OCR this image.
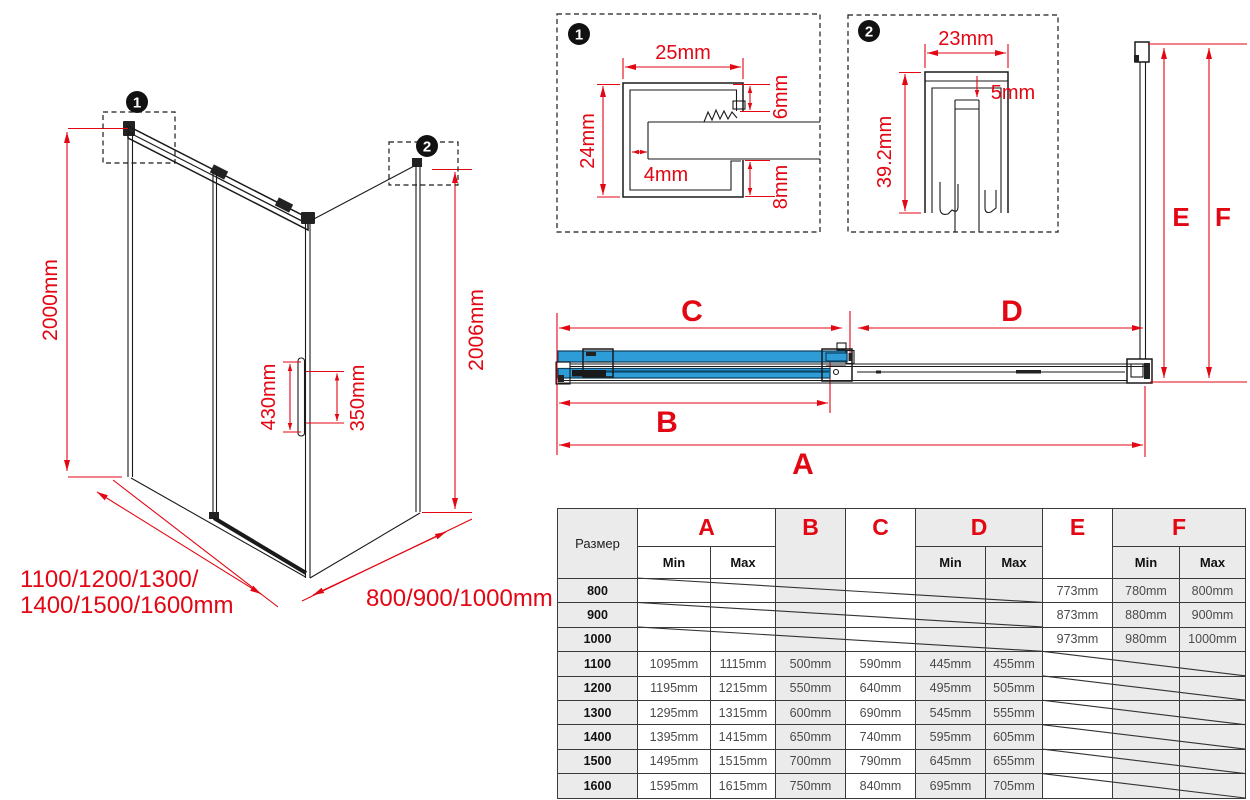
2000mm	2006mm
430mm	350mm
1100/1200/1300/
1400/1500/1600mm	800/900/1000mm
1
2
1
25mm
24mm
4mm
6mm
8mm
2	23mm
5mm
39.2mm
E F
C	D
B
A
Размер	A		B	C	D		E	F	
	Min	Max			Min	Max		Min	Max
800							773mm	780mm	800mm
900							873mm	880mm	900mm
1000							973mm	980mm	1000mm
1100	1095mm	1115mm	500mm	590mm	445mm	455mm			
1200	1195mm	1215mm	550mm	640mm	495mm	505mm			
1300	1295mm	1315mm	600mm	690mm	545mm	555mm			
1400	1395mm	1415mm	650mm	740mm	595mm	605mm			
1500	1495mm	1515mm	700mm	790mm	645mm	655mm			
1600	1595mm	1615mm	750mm	840mm	695mm	705mm			
